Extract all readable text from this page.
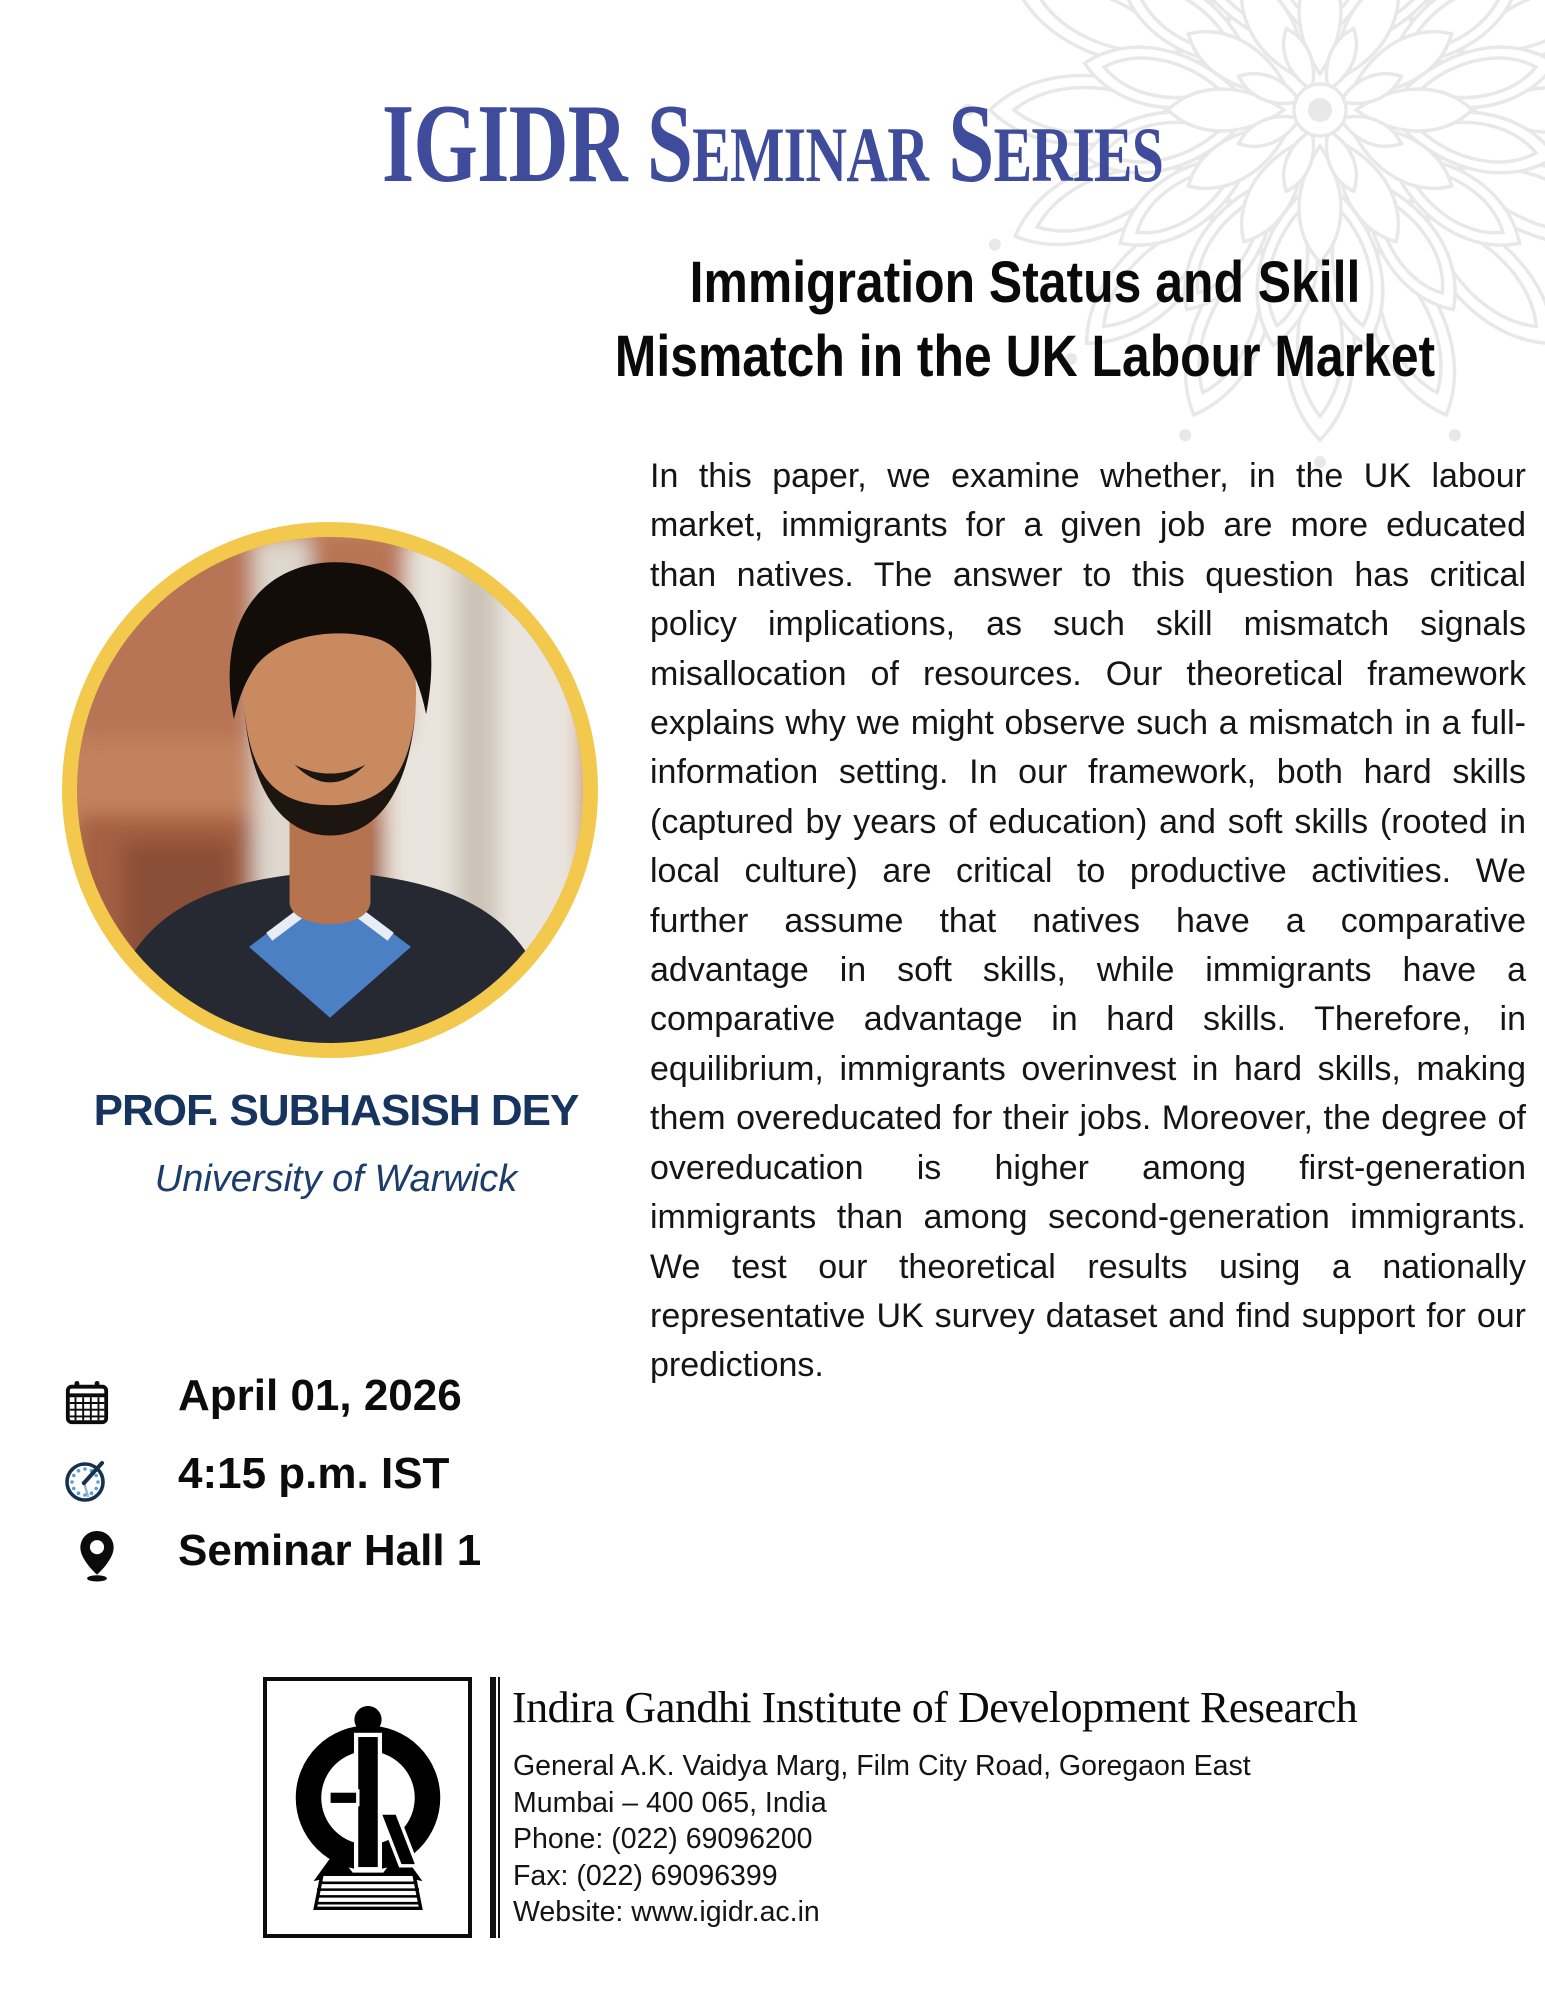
IGIDR Seminar Series
Immigration Status and Skill
Mismatch in the UK Labour Market
In this paper, we examine whether, in the UK labour market, immigrants for a given job are more educated than natives. The answer to this question has critical policy implications, as such skill mismatch signals misallocation of resources. Our theoretical framework explains why we might observe such a mismatch in a full-information setting. In our framework, both hard skills (captured by years of education) and soft skills (rooted in local culture) are critical to productive activities. We further assume that natives have a comparative advantage in soft skills, while immigrants have a comparative advantage in hard skills. Therefore, in equilibrium, immigrants overinvest in hard skills, making them overeducated for their jobs. Moreover, the degree of overeducation is higher among first-generation immigrants than among second-generation immigrants. We test our theoretical results using a nationally representative UK survey dataset and find support for our predictions.
PROF. SUBHASISH DEY
University of Warwick
April 01, 2026
4:15 p.m. IST
Seminar Hall 1
Indira Gandhi Institute of Development Research
General A.K. Vaidya Marg, Film City Road, Goregaon East
Mumbai – 400 065, India
Phone: (022) 69096200
Fax: (022) 69096399
Website: www.igidr.ac.in
